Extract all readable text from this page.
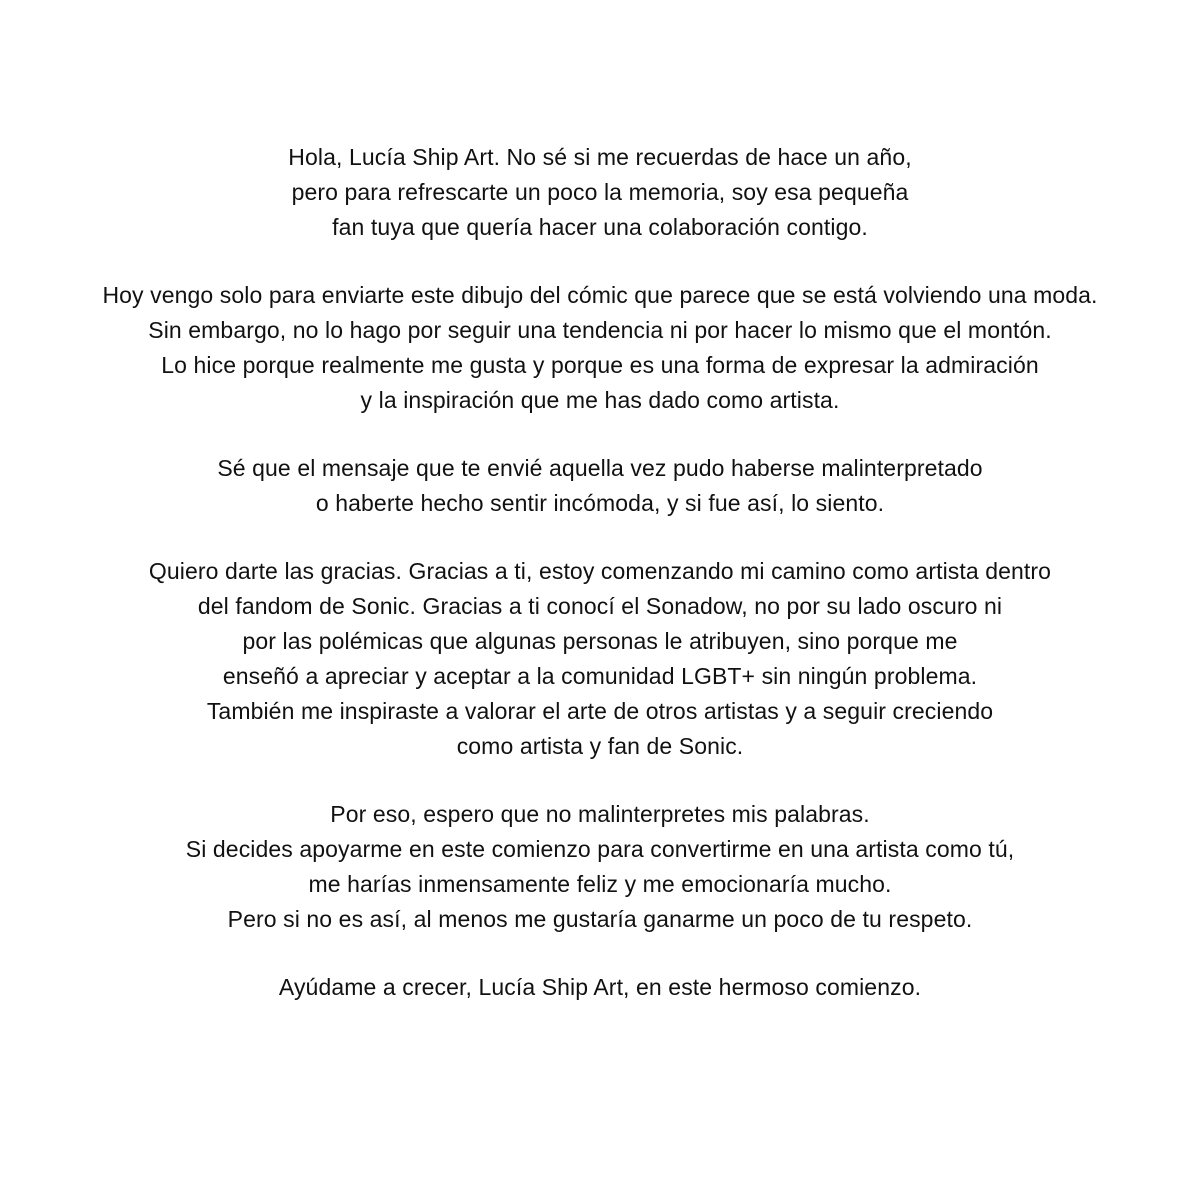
Hola, Lucía Ship Art. No sé si me recuerdas de hace un año,
pero para refrescarte un poco la memoria, soy esa pequeña
fan tuya que quería hacer una colaboración contigo.
Hoy vengo solo para enviarte este dibujo del cómic que parece que se está volviendo una moda.
Sin embargo, no lo hago por seguir una tendencia ni por hacer lo mismo que el montón.
Lo hice porque realmente me gusta y porque es una forma de expresar la admiración
y la inspiración que me has dado como artista.
Sé que el mensaje que te envié aquella vez pudo haberse malinterpretado
o haberte hecho sentir incómoda, y si fue así, lo siento.
Quiero darte las gracias. Gracias a ti, estoy comenzando mi camino como artista dentro
del fandom de Sonic. Gracias a ti conocí el Sonadow, no por su lado oscuro ni
por las polémicas que algunas personas le atribuyen, sino porque me
enseñó a apreciar y aceptar a la comunidad LGBT+ sin ningún problema.
También me inspiraste a valorar el arte de otros artistas y a seguir creciendo
como artista y fan de Sonic.
Por eso, espero que no malinterpretes mis palabras.
Si decides apoyarme en este comienzo para convertirme en una artista como tú,
me harías inmensamente feliz y me emocionaría mucho.
Pero si no es así, al menos me gustaría ganarme un poco de tu respeto.
Ayúdame a crecer, Lucía Ship Art, en este hermoso comienzo.
